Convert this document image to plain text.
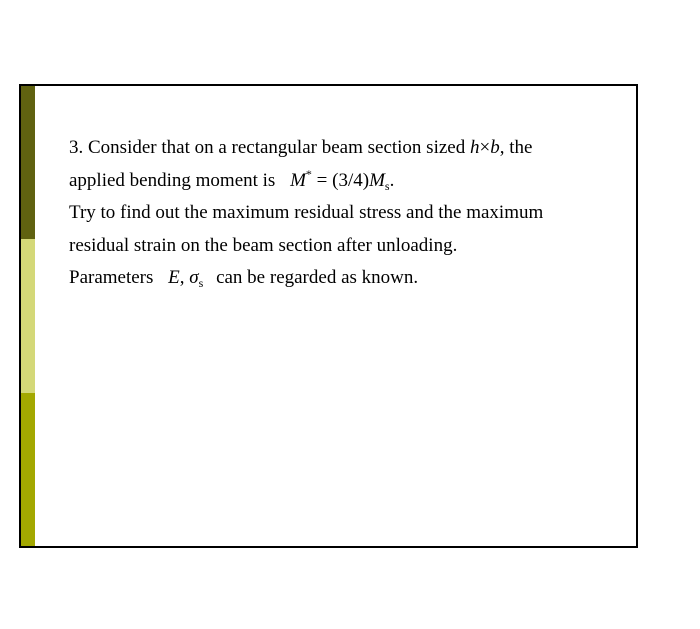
3. Consider that on a rectangular beam section sized h×b, the
applied bending moment is $M^* = (3/4)M_s$.
Try to find out the maximum residual stress and the maximum
residual strain on the beam section after unloading.
Parameters E, $\sigma_s$ can be regarded as known.
